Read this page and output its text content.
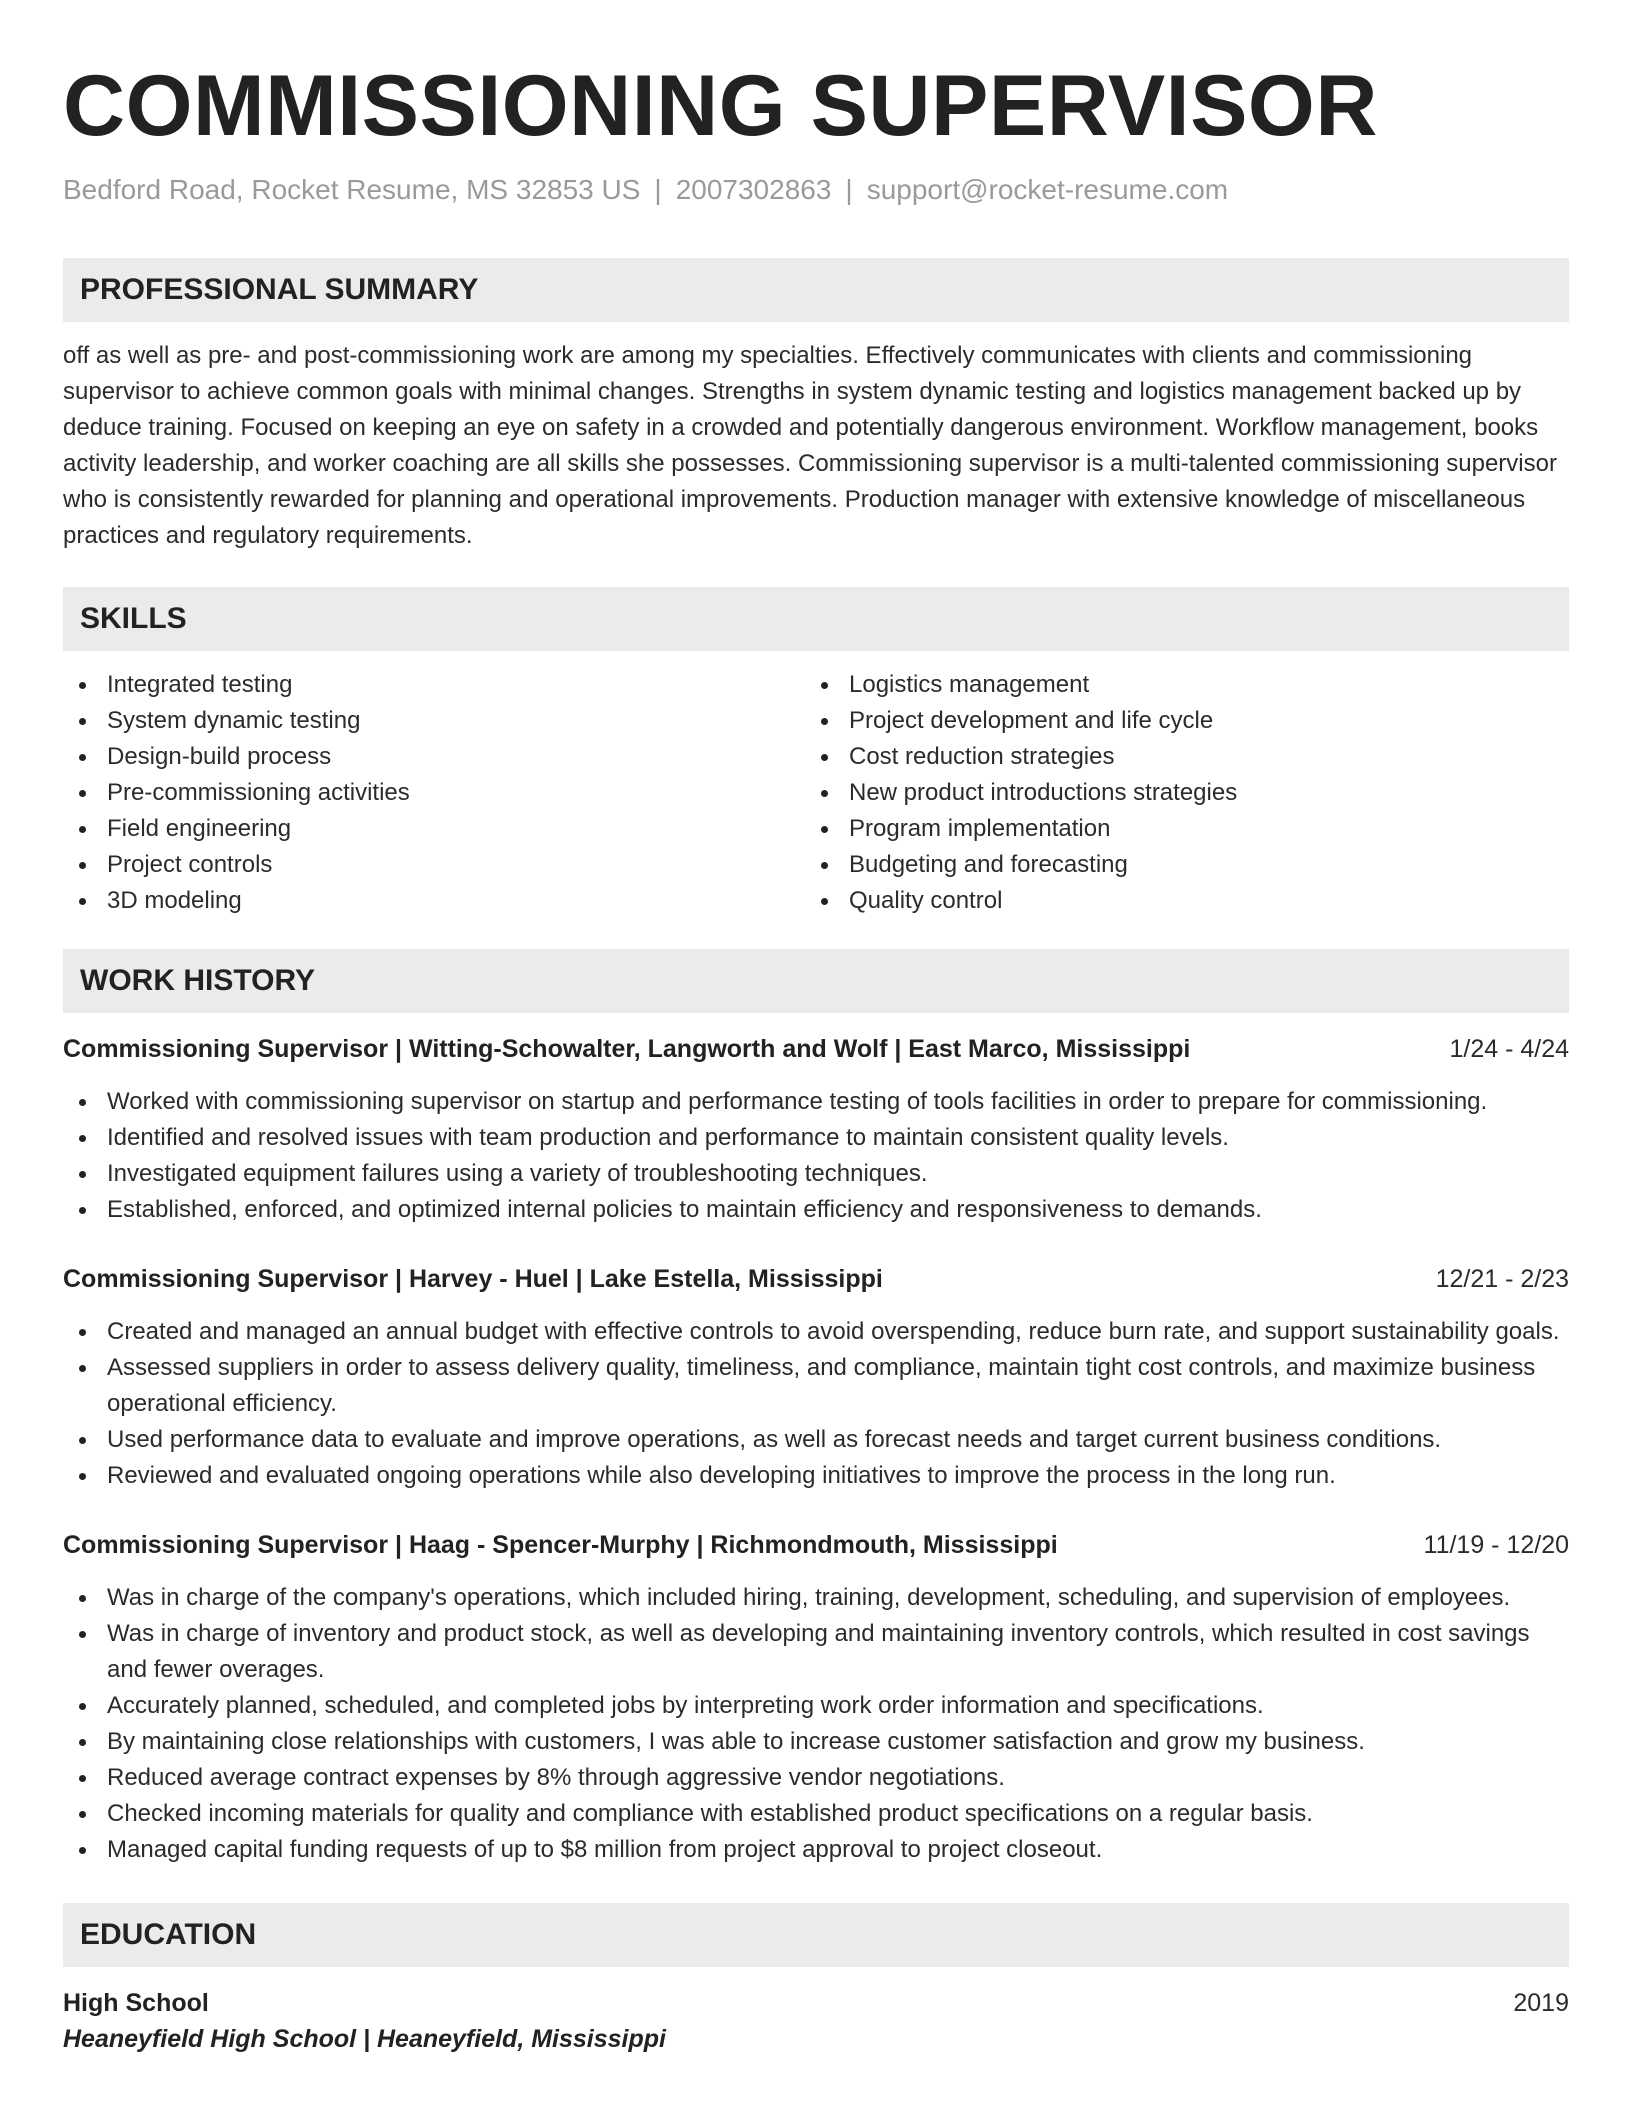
COMMISSIONING SUPERVISOR
Bedford Road, Rocket Resume, MS 32853 US | 2007302863 | support@rocket-resume.com
PROFESSIONAL SUMMARY
off as well as pre- and post-commissioning work are among my specialties. Effectively communicates with clients and commissioning supervisor to achieve common goals with minimal changes. Strengths in system dynamic testing and logistics management backed up by deduce training. Focused on keeping an eye on safety in a crowded and potentially dangerous environment. Workflow management, books activity leadership, and worker coaching are all skills she possesses. Commissioning supervisor is a multi-talented commissioning supervisor who is consistently rewarded for planning and operational improvements. Production manager with extensive knowledge of miscellaneous practices and regulatory requirements.
SKILLS
Integrated testing
System dynamic testing
Design-build process
Pre-commissioning activities
Field engineering
Project controls
3D modeling
Logistics management
Project development and life cycle
Cost reduction strategies
New product introductions strategies
Program implementation
Budgeting and forecasting
Quality control
WORK HISTORY
Commissioning Supervisor | Witting-Schowalter, Langworth and Wolf | East Marco, Mississippi	1/24 - 4/24
Worked with commissioning supervisor on startup and performance testing of tools facilities in order to prepare for commissioning.
Identified and resolved issues with team production and performance to maintain consistent quality levels.
Investigated equipment failures using a variety of troubleshooting techniques.
Established, enforced, and optimized internal policies to maintain efficiency and responsiveness to demands.
Commissioning Supervisor | Harvey - Huel | Lake Estella, Mississippi	12/21 - 2/23
Created and managed an annual budget with effective controls to avoid overspending, reduce burn rate, and support sustainability goals.
Assessed suppliers in order to assess delivery quality, timeliness, and compliance, maintain tight cost controls, and maximize business operational efficiency.
Used performance data to evaluate and improve operations, as well as forecast needs and target current business conditions.
Reviewed and evaluated ongoing operations while also developing initiatives to improve the process in the long run.
Commissioning Supervisor | Haag - Spencer-Murphy | Richmondmouth, Mississippi	11/19 - 12/20
Was in charge of the company's operations, which included hiring, training, development, scheduling, and supervision of employees.
Was in charge of inventory and product stock, as well as developing and maintaining inventory controls, which resulted in cost savings and fewer overages.
Accurately planned, scheduled, and completed jobs by interpreting work order information and specifications.
By maintaining close relationships with customers, I was able to increase customer satisfaction and grow my business.
Reduced average contract expenses by 8% through aggressive vendor negotiations.
Checked incoming materials for quality and compliance with established product specifications on a regular basis.
Managed capital funding requests of up to $8 million from project approval to project closeout.
EDUCATION
High School	2019
Heaneyfield High School | Heaneyfield, Mississippi
